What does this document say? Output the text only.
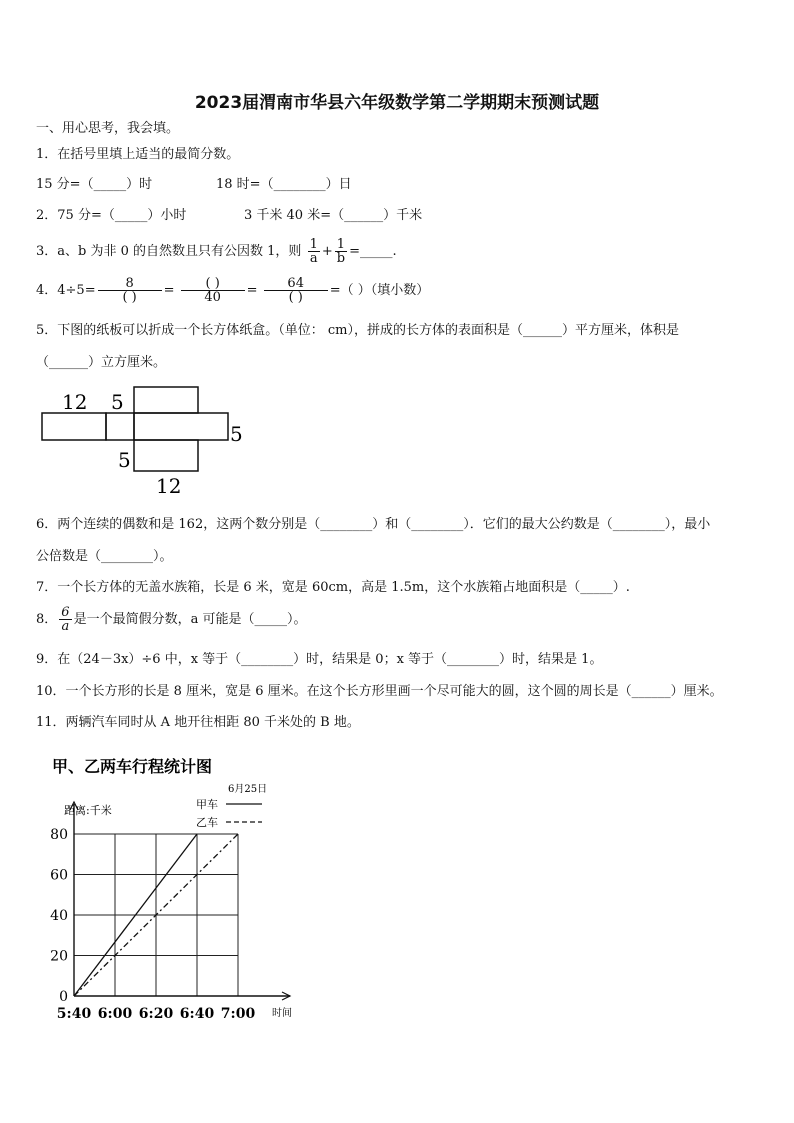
2023届渭南市华县六年级数学第二学期期末预测试题
一、用心思考，我会填。
1．在括号里填上适当的最简分数。
15 分=（_____）时	18 时=（________）日
2．75 分=（_____）小时	3 千米 40 米=（______）千米
3．a、b 为非 0 的自然数且只有公因数 1，则 $\frac{1}{a} + \frac{1}{b}$ =_____.
4．$4\div 5= \frac{8}{( )} = \frac{( )}{40} = \frac{64}{( )}$ =（ ）（填小数）
5．下图的纸板可以折成一个长方体纸盒。（单位： cm），拼成的长方体的表面积是（______）平方厘米，体积是
（______）立方厘米。
12 5
5
5
12
6．两个连续的偶数和是 162，这两个数分别是（________）和（________）．它们的最大公约数是（________），最小
公倍数是（________）。
7．一个长方体的无盖水族箱，长是 6 米，宽是 60cm，高是 1.5m，这个水族箱占地面积是（_____）.
8． $\frac{6}{a}$ 是一个最简假分数，a 可能是（_____）。
9．在（24－3x）÷6 中，x 等于（________）时，结果是 0；x 等于（________）时，结果是 1。
10．一个长方形的长是 8 厘米，宽是 6 厘米。在这个长方形里画一个尽可能大的圆，这个圆的周长是（______）厘米。
11．两辆汽车同时从 A 地开往相距 80 千米处的 B 地。
甲、乙两车行程统计图
6月25日
距离:千米
时间
0
20
40
60
80
5:40 6:00 6:20 6:40 7:00
甲车
乙车
